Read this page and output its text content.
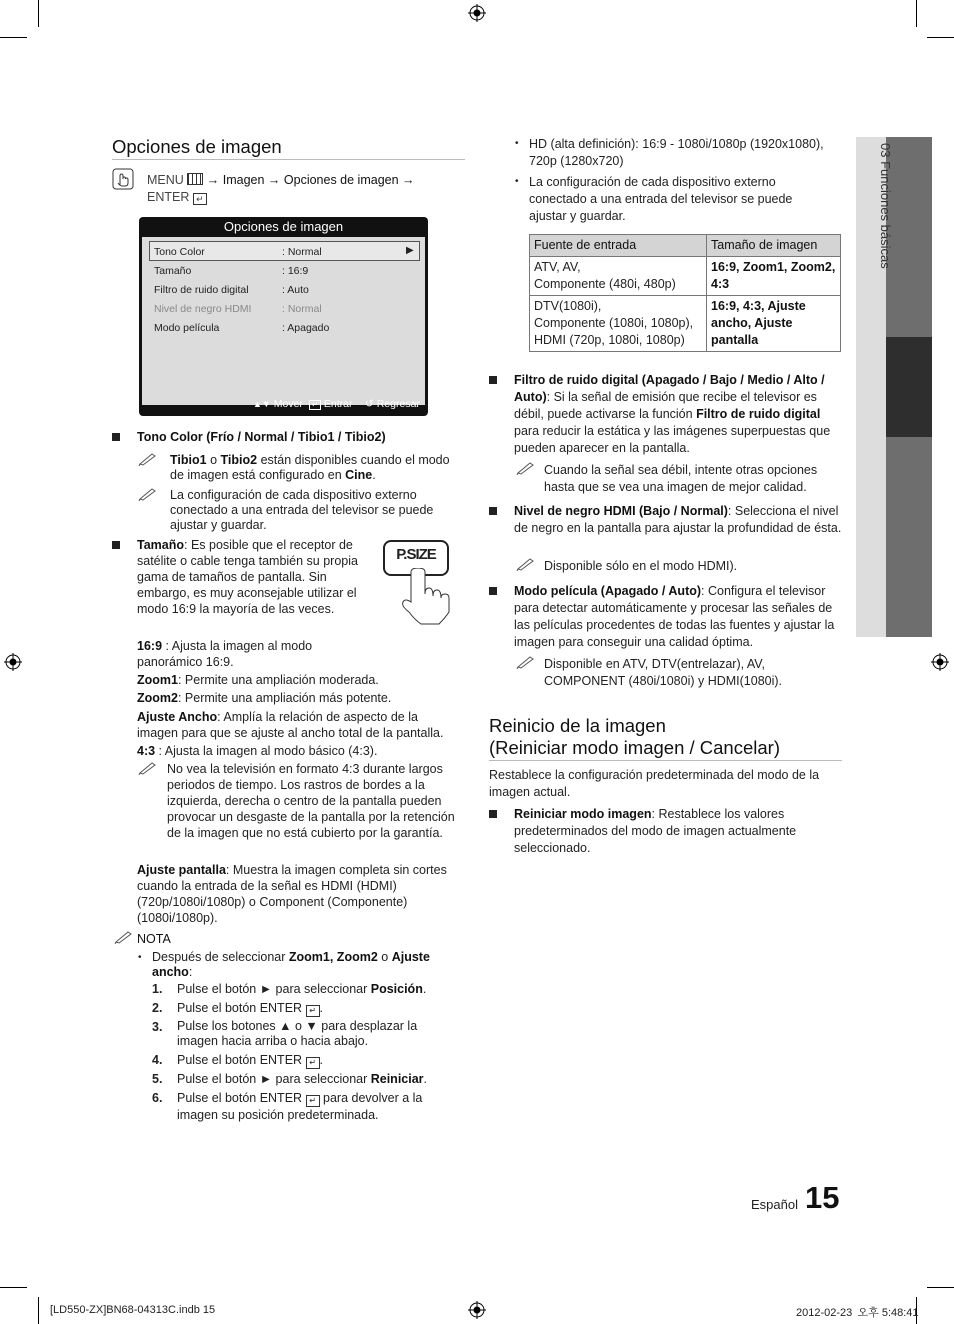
03 Funciones básicas
Opciones de imagen
MENU → Imagen → Opciones de imagen →
ENTER ↵
Opciones de imagen
Tono Color	: Normal	▶
Tamaño	: 16:9
Filtro de ruido digital	: Auto
Nivel de negro HDMI	: Normal
Modo película	: Apagado
▲▼ Mover	↵ Entrar ↺ Regresar
Tono Color (Frío / Normal / Tibio1 / Tibio2)
Tibio1 o Tibio2 están disponibles cuando el modo de imagen está configurado en Cine.
La configuración de cada dispositivo externo conectado a una entrada del televisor se puede ajustar y guardar.
Tamaño: Es posible que el receptor de satélite o cable tenga también su propia gama de tamaños de pantalla. Sin embargo, es muy aconsejable utilizar el modo 16:9 la mayoría de las veces.
P.SIZE
16:9 : Ajusta la imagen al modo panorámico 16:9.
Zoom1: Permite una ampliación moderada.
Zoom2: Permite una ampliación más potente.
Ajuste Ancho: Amplía la relación de aspecto de la imagen para que se ajuste al ancho total de la pantalla.
4:3 : Ajusta la imagen al modo básico (4:3).
No vea la televisión en formato 4:3 durante largos periodos de tiempo. Los rastros de bordes a la izquierda, derecha o centro de la pantalla pueden provocar un desgaste de la pantalla por la retención de la imagen que no está cubierto por la garantía.
Ajuste pantalla: Muestra la imagen completa sin cortes cuando la entrada de la señal es HDMI (HDMI) (720p/1080i/1080p) o Component (Componente) (1080i/1080p).
NOTA
• Después de seleccionar Zoom1, Zoom2 o Ajuste ancho:
1. Pulse el botón ► para seleccionar Posición.
2. Pulse el botón ENTER ↵ .
3. Pulse los botones ▲ o ▼ para desplazar la imagen hacia arriba o hacia abajo.
4. Pulse el botón ENTER ↵ .
5. Pulse el botón ► para seleccionar Reiniciar.
6. Pulse el botón ENTER ↵ para devolver a la imagen su posición predeterminada.
• HD (alta definición): 16:9 - 1080i/1080p (1920x1080), 720p (1280x720)
• La configuración de cada dispositivo externo conectado a una entrada del televisor se puede ajustar y guardar.
Fuente de entrada	Tamaño de imagen
ATV, AV,
Componente (480i, 480p)	16:9, Zoom1, Zoom2, 4:3
DTV(1080i),
Componente (1080i, 1080p), HDMI (720p, 1080i, 1080p)	16:9, 4:3, Ajuste ancho, Ajuste pantalla
Filtro de ruido digital (Apagado / Bajo / Medio / Alto / Auto): Si la señal de emisión que recibe el televisor es débil, puede activarse la función Filtro de ruido digital para reducir la estática y las imágenes superpuestas que pueden aparecer en la pantalla.
Cuando la señal sea débil, intente otras opciones hasta que se vea una imagen de mejor calidad.
Nivel de negro HDMI (Bajo / Normal): Selecciona el nivel de negro en la pantalla para ajustar la profundidad de ésta.
Disponible sólo en el modo HDMI).
Modo película (Apagado / Auto): Configura el televisor para detectar automáticamente y procesar las señales de las películas procedentes de todas las fuentes y ajustar la imagen para conseguir una calidad óptima.
Disponible en ATV, DTV(entrelazar), AV, COMPONENT (480i/1080i) y HDMI(1080i).
Reinicio de la imagen
(Reiniciar modo imagen / Cancelar)
Restablece la configuración predeterminada del modo de la imagen actual.
Reiniciar modo imagen: Restablece los valores predeterminados del modo de imagen actualmente seleccionado.
Español 15
[LD550-ZX]BN68-04313C.indb 15	2012-02-23  오후 5:48:41
